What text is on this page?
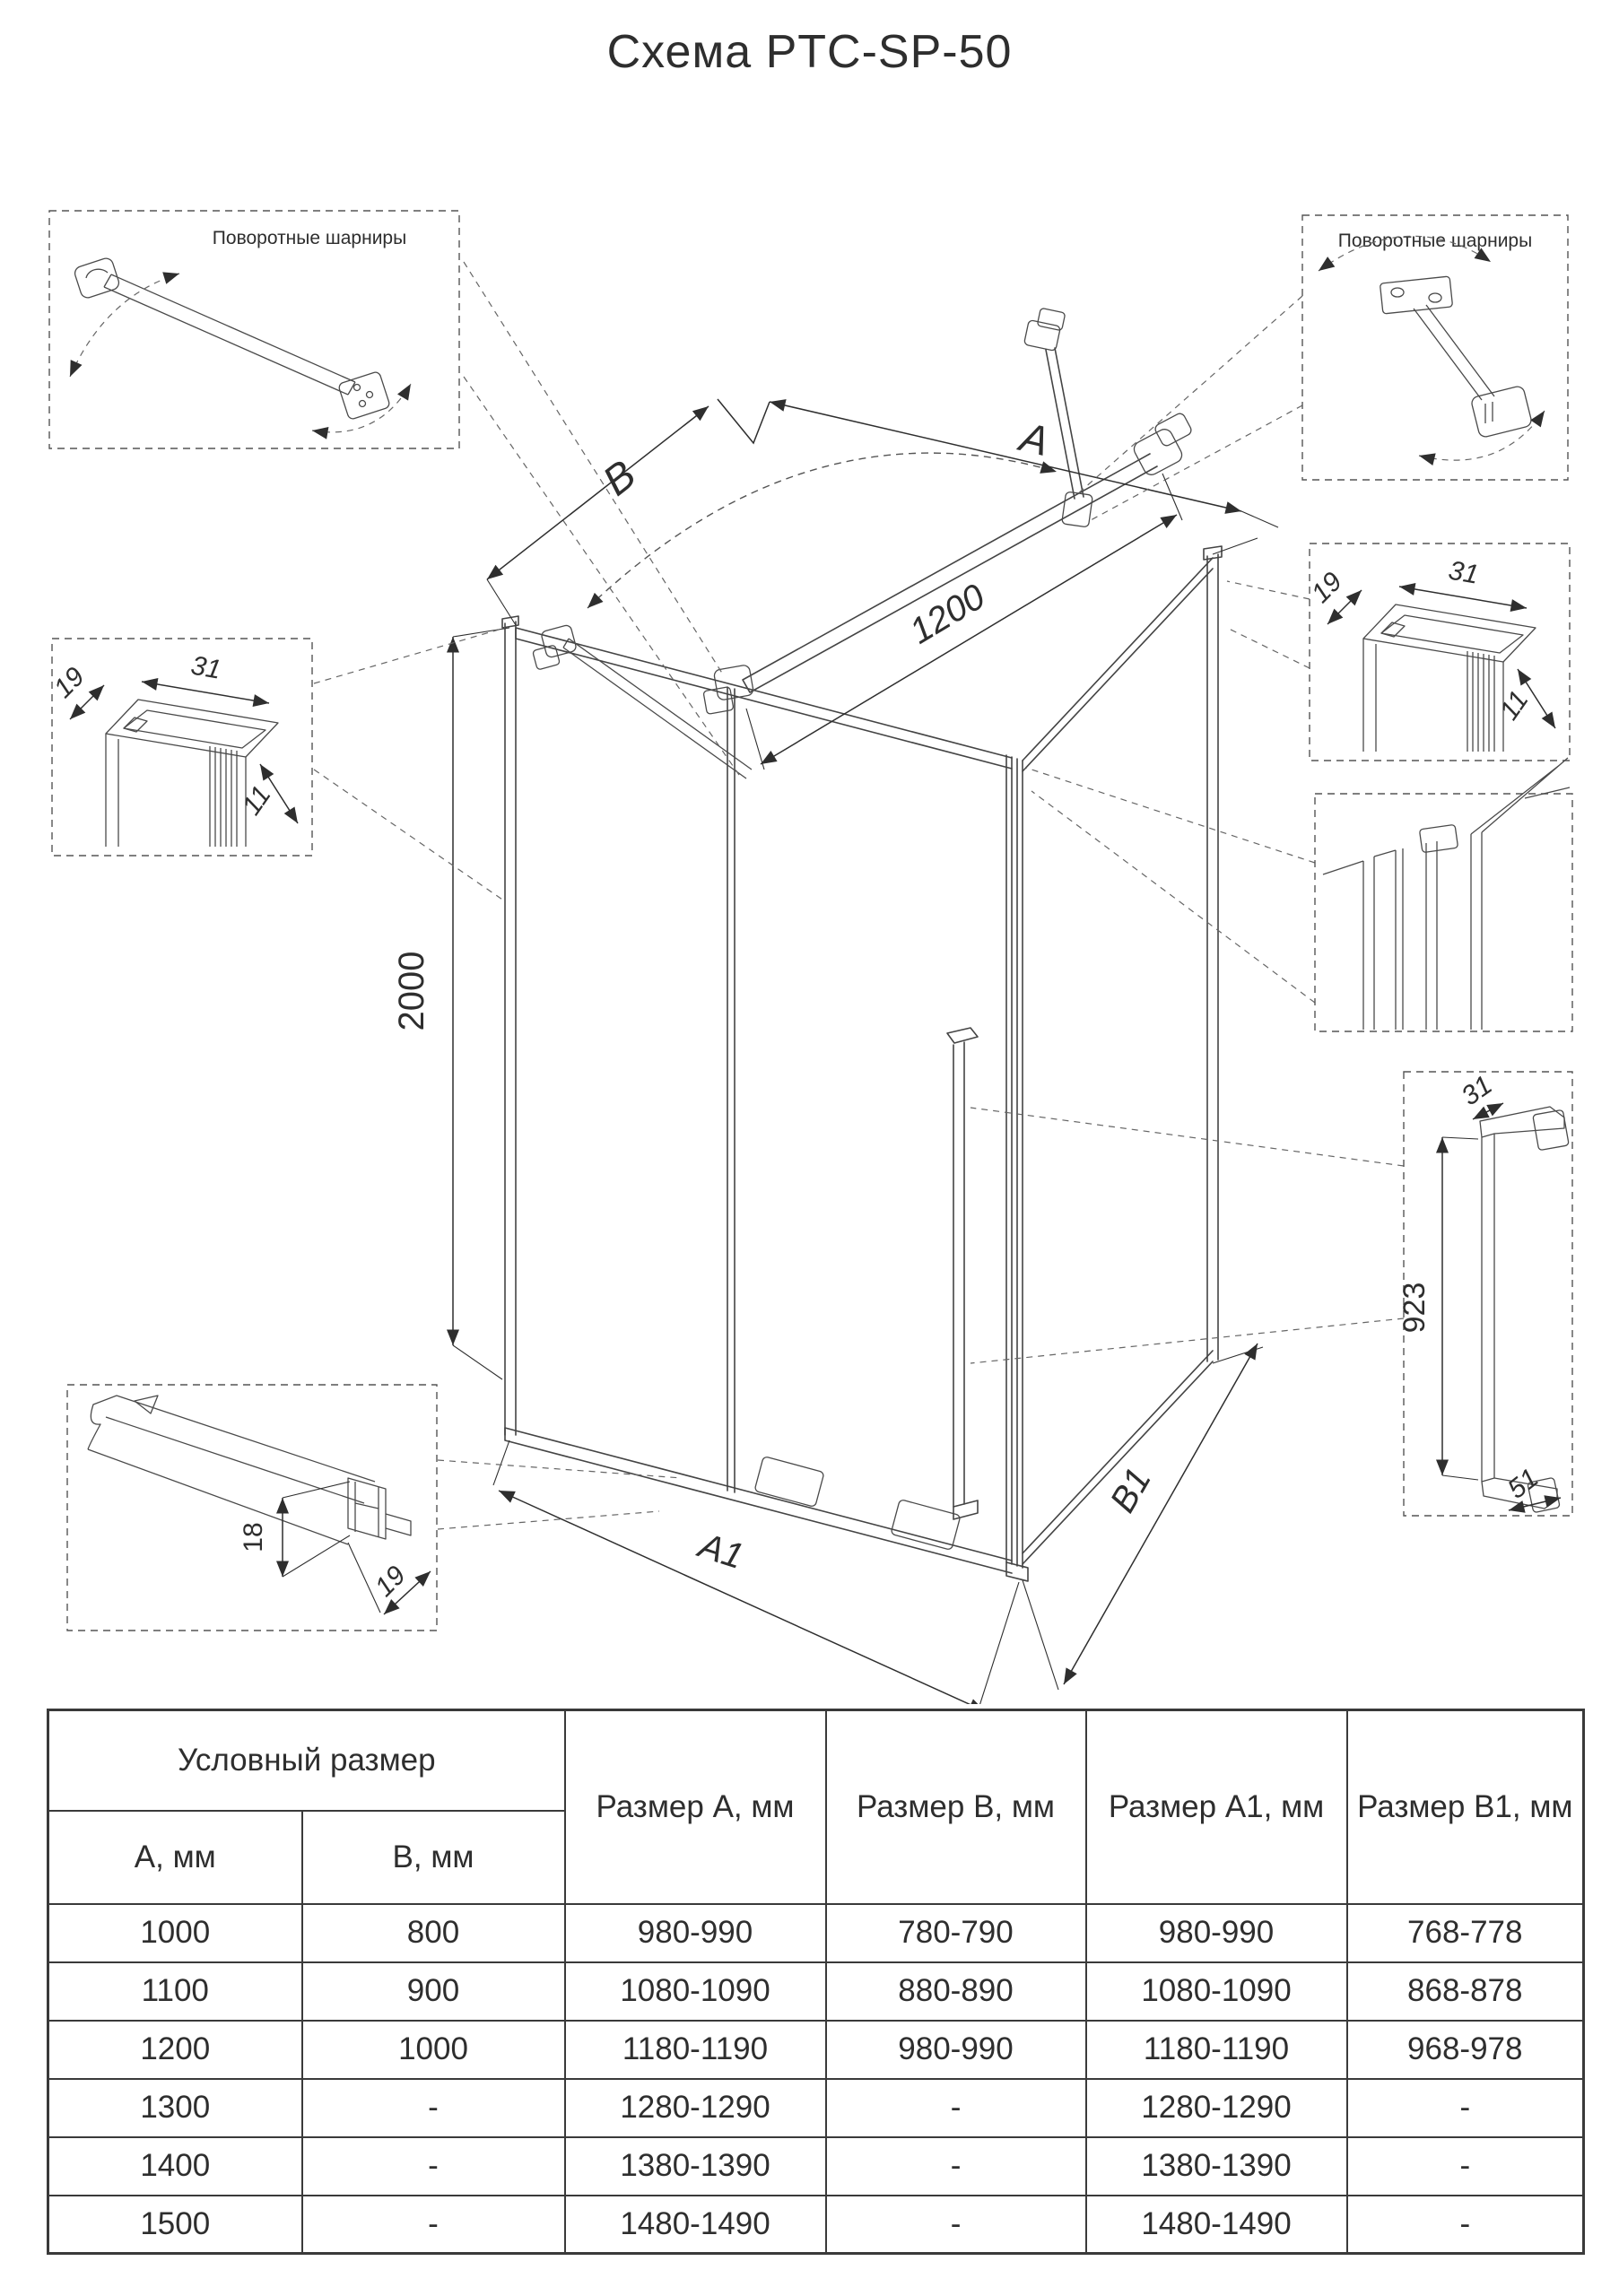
Схема PTC-SP-50
A
B
1200
2000
A1
B1
Поворотные шарниры	Поворотные шарниры
19	31
11
31
923
51
18
19
Условный размер		Размер А, мм	Размер В, мм	Размер А1, мм	Размер В1, мм
А, мм	В, мм				
1000	800	980-990	780-790	980-990	768-778
1100	900	1080-1090	880-890	1080-1090	868-878
1200	1000	1180-1190	980-990	1180-1190	968-978
1300	-	1280-1290	-	1280-1290	-
1400	-	1380-1390	-	1380-1390	-
1500	-	1480-1490	-	1480-1490	-
